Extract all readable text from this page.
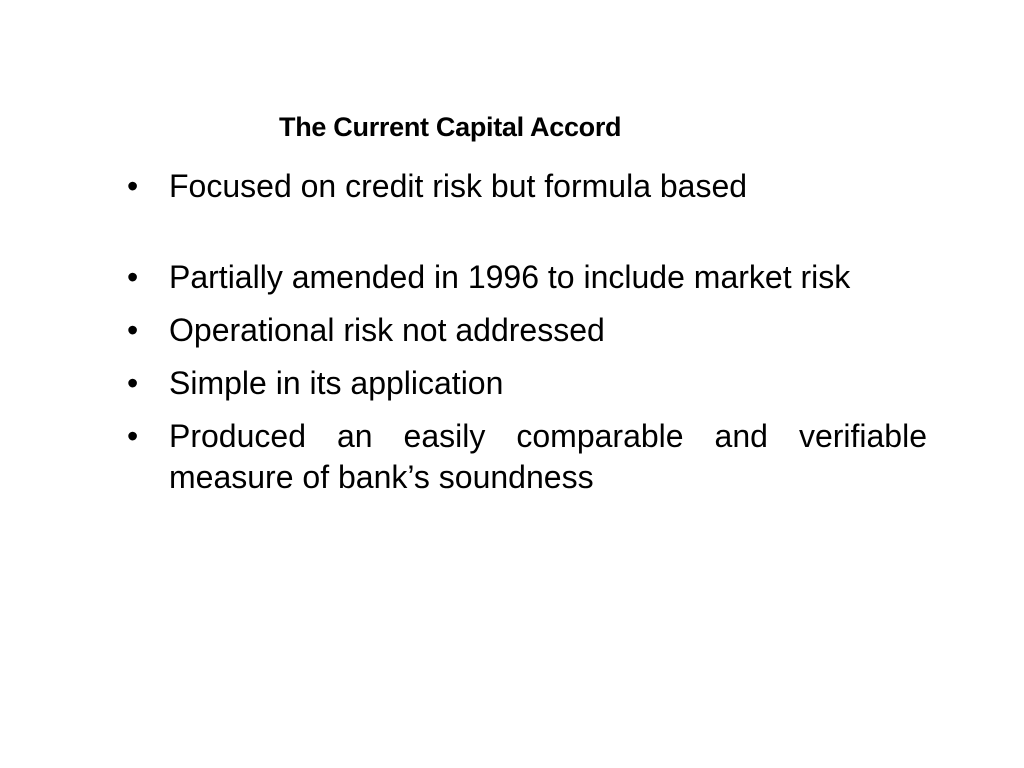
The Current Capital Accord
• Focused on credit risk but formula based
• Partially amended in 1996 to include market risk
• Operational risk not addressed
• Simple in its application
• Produced an easily comparable and verifiable measure of bank’s soundness
